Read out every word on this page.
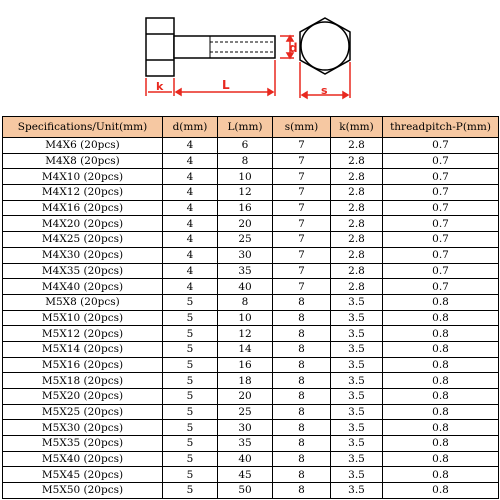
d
k	L	s
Specifications/Unit(mm)	d(mm)	L(mm)	s(mm)	k(mm)	threadpitch-P(mm)
M4X6 (20pcs)	4	6	7	2.8	0.7
M4X8 (20pcs)	4	8	7	2.8	0.7
M4X10 (20pcs)	4	10	7	2.8	0.7
M4X12 (20pcs)	4	12	7	2.8	0.7
M4X16 (20pcs)	4	16	7	2.8	0.7
M4X20 (20pcs)	4	20	7	2.8	0.7
M4X25 (20pcs)	4	25	7	2.8	0.7
M4X30 (20pcs)	4	30	7	2.8	0.7
M4X35 (20pcs)	4	35	7	2.8	0.7
M4X40 (20pcs)	4	40	7	2.8	0.7
M5X8 (20pcs)	5	8	8	3.5	0.8
M5X10 (20pcs)	5	10	8	3.5	0.8
M5X12 (20pcs)	5	12	8	3.5	0.8
M5X14 (20pcs)	5	14	8	3.5	0.8
M5X16 (20pcs)	5	16	8	3.5	0.8
M5X18 (20pcs)	5	18	8	3.5	0.8
M5X20 (20pcs)	5	20	8	3.5	0.8
M5X25 (20pcs)	5	25	8	3.5	0.8
M5X30 (20pcs)	5	30	8	3.5	0.8
M5X35 (20pcs)	5	35	8	3.5	0.8
M5X40 (20pcs)	5	40	8	3.5	0.8
M5X45 (20pcs)	5	45	8	3.5	0.8
M5X50 (20pcs)	5	50	8	3.5	0.8
